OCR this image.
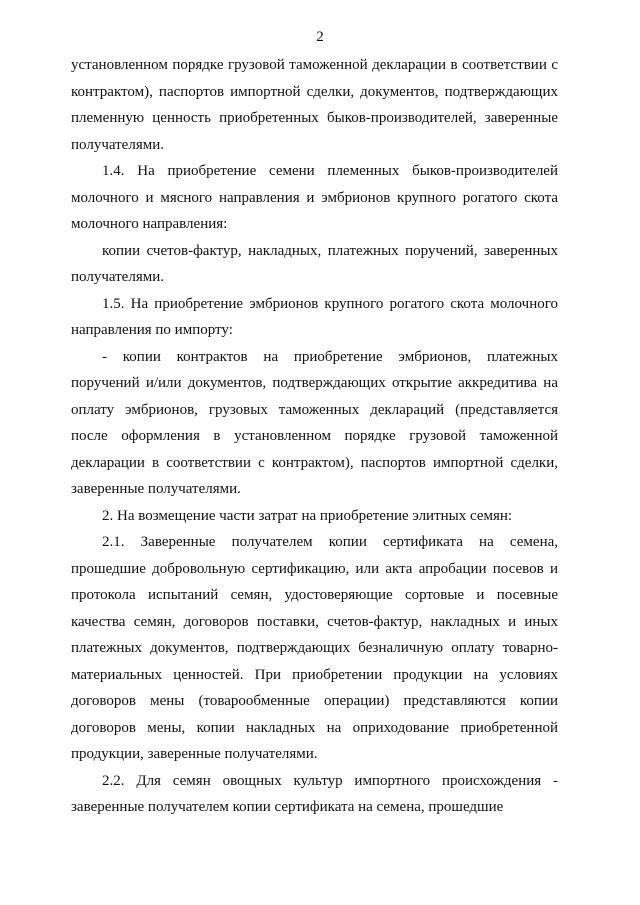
2

установленном порядке грузовой таможенной декларации в соответствии с контрактом), паспортов импортной сделки, документов, подтверждающих племенную ценность приобретенных быков-производителей, заверенные получателями.

1.4. На приобретение семени племенных быков-производителей молочного и мясного направления и эмбрионов крупного рогатого скота молочного направления:

копии счетов-фактур, накладных, платежных поручений, заверенных получателями.

1.5. На приобретение эмбрионов крупного рогатого скота молочного направления по импорту:

- копии контрактов на приобретение эмбрионов, платежных поручений и/или документов, подтверждающих открытие аккредитива на оплату эмбрионов, грузовых таможенных деклараций (представляется после оформления в установленном порядке грузовой таможенной декларации в соответствии с контрактом), паспортов импортной сделки, заверенные получателями.

2. На возмещение части затрат на приобретение элитных семян:

2.1. Заверенные получателем копии сертификата на семена, прошедшие добровольную сертификацию, или акта апробации посевов и протокола испытаний семян, удостоверяющие сортовые и посевные качества семян, договоров поставки, счетов-фактур, накладных и иных платежных документов, подтверждающих безналичную оплату товарно-материальных ценностей. При приобретении продукции на условиях договоров мены (товарообменные операции) представляются копии договоров мены, копии накладных на оприходование приобретенной продукции, заверенные получателями.

2.2. Для семян овощных культур импортного происхождения - заверенные получателем копии сертификата на семена, прошедшие
